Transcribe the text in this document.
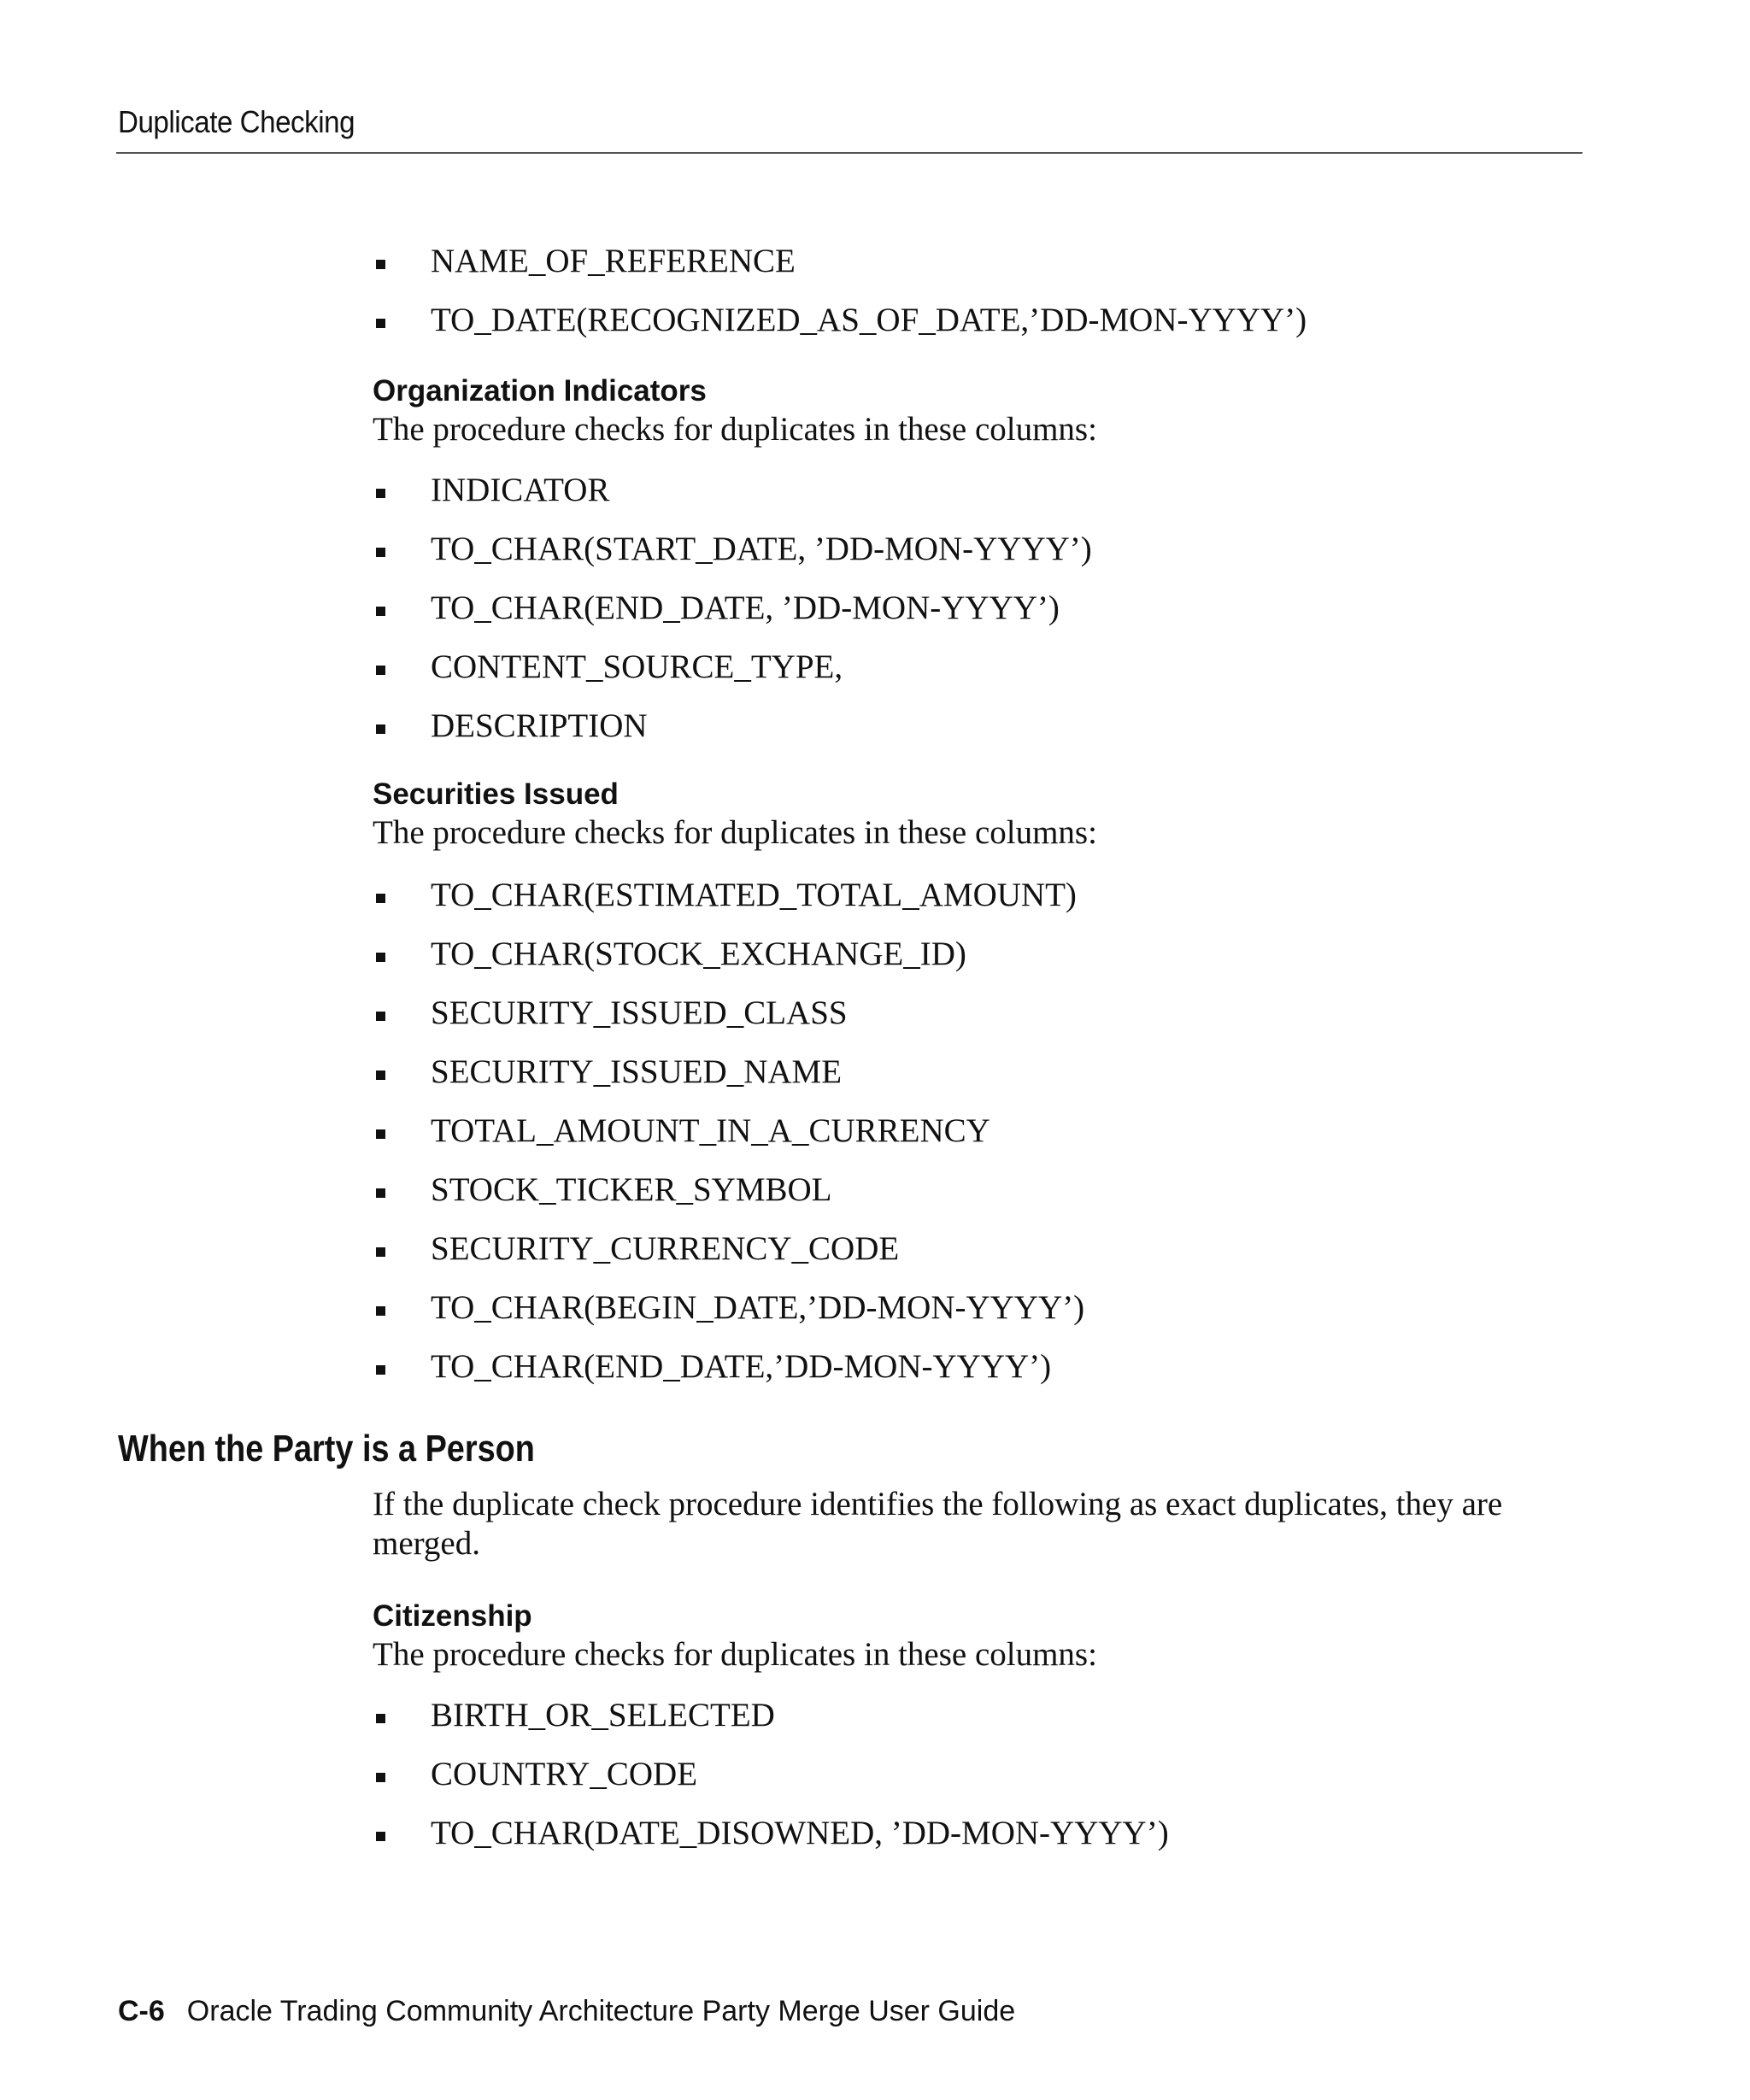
Duplicate Checking
NAME_OF_REFERENCE
TO_DATE(RECOGNIZED_AS_OF_DATE,’DD-MON-YYYY’)
Organization Indicators

The procedure checks for duplicates in these columns:

INDICATOR
TO_CHAR(START_DATE, ’DD-MON-YYYY’)
TO_CHAR(END_DATE, ’DD-MON-YYYY’)
CONTENT_SOURCE_TYPE,
DESCRIPTION
Securities Issued

The procedure checks for duplicates in these columns:

TO_CHAR(ESTIMATED_TOTAL_AMOUNT)
TO_CHAR(STOCK_EXCHANGE_ID)
SECURITY_ISSUED_CLASS
SECURITY_ISSUED_NAME
TOTAL_AMOUNT_IN_A_CURRENCY
STOCK_TICKER_SYMBOL
SECURITY_CURRENCY_CODE
TO_CHAR(BEGIN_DATE,’DD-MON-YYYY’)
TO_CHAR(END_DATE,’DD-MON-YYYY’)
When the Party is a Person

If the duplicate check procedure identifies the following as exact duplicates, they are merged.

Citizenship

The procedure checks for duplicates in these columns:

BIRTH_OR_SELECTED
COUNTRY_CODE
TO_CHAR(DATE_DISOWNED, ’DD-MON-YYYY’)
C-6 Oracle Trading Community Architecture Party Merge User Guide
